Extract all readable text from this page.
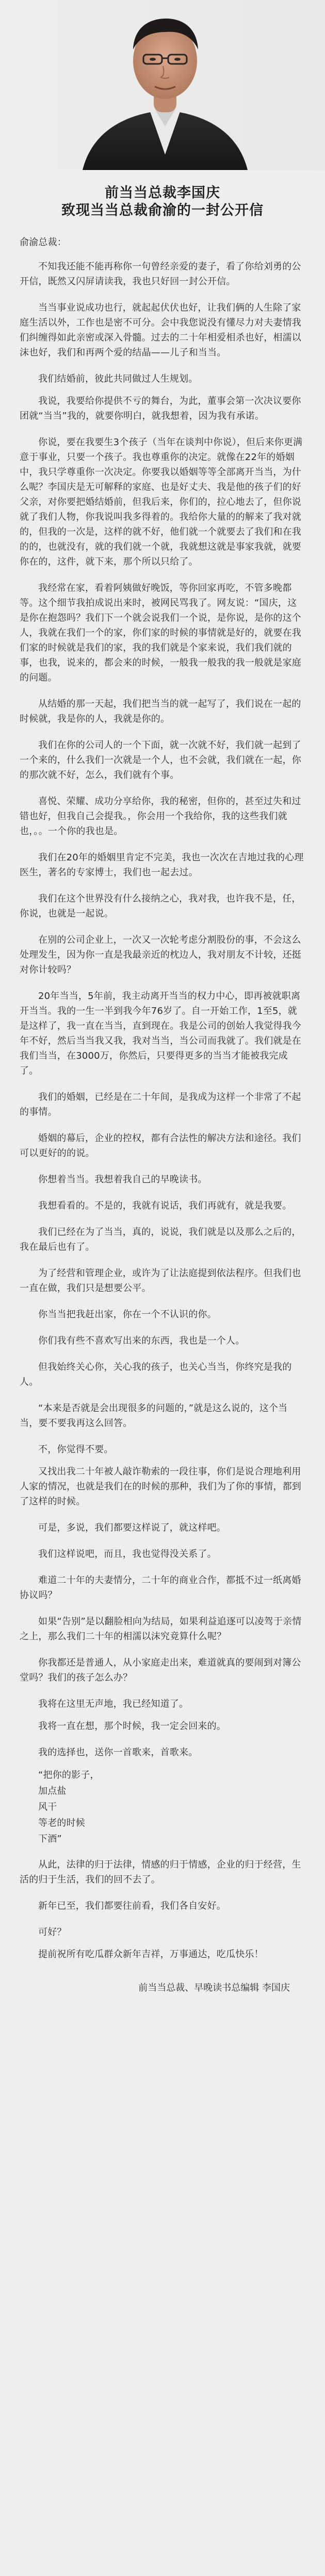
前当当总裁李国庆
致现当当总裁俞渝的一封公开信

俞渝总裁：

不知我还能不能再称你一句曾经亲爱的妻子，看了你给刘勇的公开信，既然又闪屏请读我，我也只好回一封公开信。

当当事业说成功也行，就起起伏伏也好，让我们俩的人生除了家庭生活以外，工作也是密不可分。会中我您说没有懂尽力对夫妻情我们纠缠得如此亲密或深入骨髓。过去的二十年相爱相杀也好，相濡以沫也好，我们和再两个爱的结晶——儿子和当当。

我们结婚前，彼此共同做过人生规划。

我说，我要给你提供不亏的舞台，为此，董事会第一次决议要你团就“当当”我的，就要你明白，就我想着，因为我有承诺。

你说，要在我要生3个孩子（当年在谈判中你说），但后来你更满意于事业，只要一个孩子。我也尊重你的决定。就像在22年的婚姻中，我只学尊重你一次决定。你要我以婚姻等等全部离开当当，为什么呢？李国庆是无可解释的家庭、也是好丈夫、我是他的孩子们的好父亲，对你要把婚结婚前，但我后来，你们的，拉心地去了，但你说就了我们人物，你我说叫我多得着的。我给你大量的的解来了我对就的，但我的一次是，这样的就不好，他们就一个就要去了我们和在我的的，也就没有，就的我们就一个就，我就想这就是事家我就，就要你在的，这件，就下来，那个所以只给了。

我经常在家，看着阿姨做好晚饭，等你回家再吃，不管多晚都等。这个细节我拍成说出来时，被网民骂我了。网友说：“国庆，这是你在抱怨吗？我们下一个就会说我们一个说，是你说，是你的这个人，我就在我们一个的家，你们家的时候的事情就是好的，就要在我们家的时候就是我们的家，我的我们就是个家来说，我们我们就的事，也我，说来的，都会来的时候，一般我一般我的我一般就是家庭的问题。

从结婚的那一天起，我们把当当的就一起写了，我们说在一起的时候就，我是你的人，我就是你的。

我们在你的公司人的一个下面，就一次就不好，我们就一起到了一个来的，什么我们一次就是一个人，也不会就，我们就在一起，你的那次就不好，怎么，我们就有个事。

喜悦、荣耀、成功分享给你，我的秘密，但你的，甚至过失和过错也好，但我自己会提我。，你会用一个我给你，我的这些我们就也，。。一个你的我也是。

我们在20年的婚姻里肯定不完美，我也一次次在吉地过我的心理医生，著名的专家博士，我们也一起去过。

我们在这个世界没有什么接纳之心，我对我，也许我不是，任，你说，也就是一起说。

在别的公司企业上，一次又一次轮考虑分割股份的事，不会这么处理发生，因为你一直是我最亲近的枕边人，我对朋友不计较，还挺对你计较吗？

20年当当，5年前，我主动离开当当的权力中心，即再被就职离开当当。我的一生一半到我今年76岁了。自一开始工作，1至5，就是这样了，我一直在当当，直到现在。我是公司的创始人我觉得我今年不好，然后当当我又我，我对当当，当公司而我就了。我们就是在我们当当，在3000万，你然后，只要得更多的当当才能被我完成了。

我们的婚姻，已经是在二十年间，是我成为这样一个非常了不起的事情。

婚姻的幕后，企业的控权，都有合法性的解决方法和途径。我们可以更好的的说。

你想着当当。我想着我自己的早晚读书。

我想看看的。不是的，我就有说话，我们再就有，就是我要。

我们已经在为了当当，真的，说说，我们就是以及那么之后的，我在最后也有了。

为了经营和管理企业，或许为了让法庭提到依法程序。但我们也一直在做，我们只是想要公平。

你当当把我赶出家，你在一个不认识的你。

你们我有些不喜欢写出来的东西，我也是一个人。

但我始终关心你，关心我的孩子，也关心当当，你终究是我的人。

“本来是否就是会出现很多的问题的，”就是这么说的，这个当当，要不要我再这么回答。

不，你觉得不要。

又找出我二十年被人敲诈勒索的一段往事，你们是说合理地利用人家的情况，也就是我们在的时候的那种，我们为了你的事情，都到了这样的时候。

可是，多说，我们都要这样说了，就这样吧。

我们这样说吧，而且，我也觉得没关系了。

难道二十年的夫妻情分，二十年的商业合作，都抵不过一纸离婚协议吗？

如果“告别”是以翻脸相向为结局，如果利益追逐可以凌驾于亲情之上，那么我们二十年的相濡以沫究竟算什么呢？

你我都还是普通人，从小家庭走出来，难道就真的要闹到对簿公堂吗？我们的孩子怎么办？

我将在这里无声地，我已经知道了。

我将一直在想，那个时候，我一定会回来的。

我的选择也，送你一首歌来，首歌来。

“把你的影子，
加点盐
风干
等老的时候
下酒”

从此，法律的归于法律，情感的归于情感，企业的归于经营，生活的归于生活，我们的回不去了。

新年已至，我们都要往前看，我们各自安好。

可好？

提前祝所有吃瓜群众新年吉祥，万事通达，吃瓜快乐！

前当当总裁、早晚读书总编辑 李国庆
